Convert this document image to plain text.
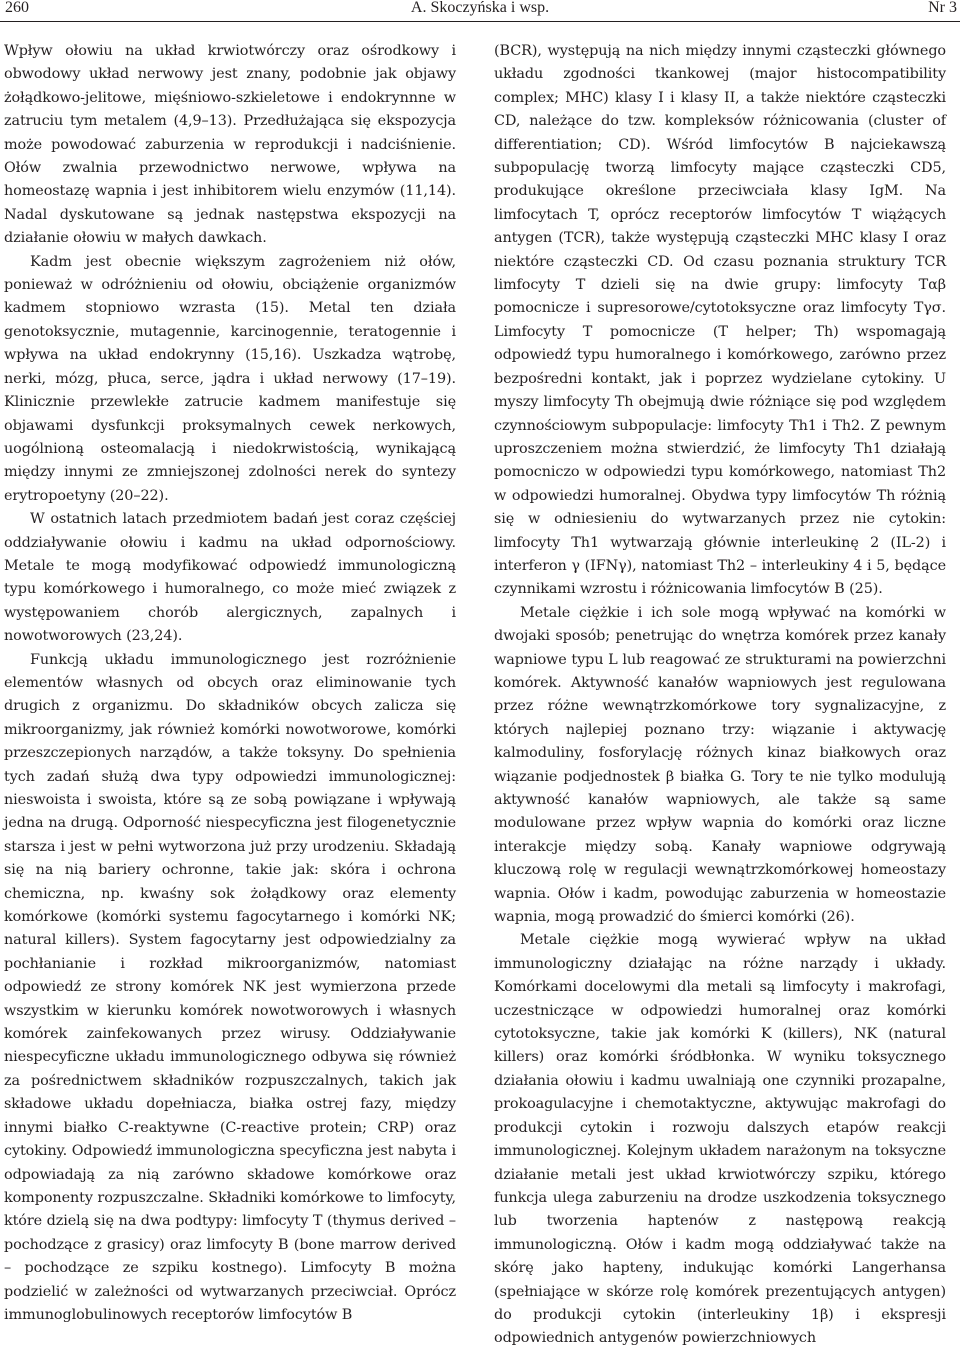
260	A. Skoczyńska i wsp.	Nr 3

Wpływ ołowiu na układ krwiotwórczy oraz ośrodkowy i obwodowy układ nerwowy jest znany, podobnie jak objawy żołądkowo-jelitowe, mięśniowo-szkieletowe i endokrynnne w zatruciu tym metalem (4,9–13). Przedłużająca się ekspozycja może powodować zaburzenia w reprodukcji i nadciśnienie. Ołów zwalnia przewodnictwo nerwowe, wpływa na homeostazę wapnia i jest inhibitorem wielu enzymów (11,14). Nadal dyskutowane są jednak następstwa ekspozycji na działanie ołowiu w małych dawkach.

Kadm jest obecnie większym zagrożeniem niż ołów, ponieważ w odróżnieniu od ołowiu, obciążenie organizmów kadmem stopniowo wzrasta (15). Metal ten działa genotoksycznie, mutagennie, karcinogennie, teratogennie i wpływa na układ endokrynny (15,16). Uszkadza wątrobę, nerki, mózg, płuca, serce, jądra i układ nerwowy (17–19). Klinicznie przewlekłe zatrucie kadmem manifestuje się objawami dysfunkcji proksymalnych cewek nerkowych, uogólnioną osteomalacją i niedokrwistością, wynikającą między innymi ze zmniejszonej zdolności nerek do syntezy erytropoetyny (20–22).

W ostatnich latach przedmiotem badań jest coraz częściej oddziaływanie ołowiu i kadmu na układ odpornościowy. Metale te mogą modyfikować odpowiedź immunologiczną typu komórkowego i humoralnego, co może mieć związek z występowaniem chorób alergicznych, zapalnych i nowotworowych (23,24).

Funkcją układu immunologicznego jest rozróżnienie elementów własnych od obcych oraz eliminowanie tych drugich z organizmu. Do składników obcych zalicza się mikroorganizmy, jak również komórki nowotworowe, komórki przeszczepionych narządów, a także toksyny. Do spełnienia tych zadań służą dwa typy odpowiedzi immunologicznej: nieswoista i swoista, które są ze sobą powiązane i wpływają jedna na drugą. Odporność niespecyficzna jest filogenetycznie starsza i jest w pełni wytworzona już przy urodzeniu. Składają się na nią bariery ochronne, takie jak: skóra i ochrona chemiczna, np. kwaśny sok żołądkowy oraz elementy komórkowe (komórki systemu fagocytarnego i komórki NK; natural killers). System fagocytarny jest odpowiedzialny za pochłanianie i rozkład mikroorganizmów, natomiast odpowiedź ze strony komórek NK jest wymierzona przede wszystkim w kierunku komórek nowotworowych i własnych komórek zainfekowanych przez wirusy. Oddziaływanie niespecyficzne układu immunologicznego odbywa się również za pośrednictwem składników rozpuszczalnych, takich jak składowe układu dopełniacza, białka ostrej fazy, między innymi białko C-reaktywne (C-reactive protein; CRP) oraz cytokiny. Odpowiedź immunologiczna specyficzna jest nabyta i odpowiadają za nią zarówno składowe komórkowe oraz komponenty rozpuszczalne. Składniki komórkowe to limfocyty, które dzielą się na dwa podtypy: limfocyty T (thymus derived – pochodzące z grasicy) oraz limfocyty B (bone marrow derived – pochodzące ze szpiku kostnego). Limfocyty B można podzielić w zależności od wytwarzanych przeciwciał. Oprócz immunoglobulinowych receptorów limfocytów B

(BCR), występują na nich między innymi cząsteczki głównego układu zgodności tkankowej (major histocompatibility complex; MHC) klasy I i klasy II, a także niektóre cząsteczki CD, należące do tzw. kompleksów różnicowania (cluster of differentiation; CD). Wśród limfocytów B najciekawszą subpopulację tworzą limfocyty mające cząsteczki CD5, produkujące określone przeciwciała klasy IgM. Na limfocytach T, oprócz receptorów limfocytów T wiążących antygen (TCR), także występują cząsteczki MHC klasy I oraz niektóre cząsteczki CD. Od czasu poznania struktury TCR limfocyty T dzieli się na dwie grupy: limfocyty Tαβ pomocnicze i supresorowe/cytotoksyczne oraz limfocyty Tγσ. Limfocyty T pomocnicze (T helper; Th) wspomagają odpowiedź typu humoralnego i komórkowego, zarówno przez bezpośredni kontakt, jak i poprzez wydzielane cytokiny. U myszy limfocyty Th obejmują dwie różniące się pod względem czynnościowym subpopulacje: limfocyty Th1 i Th2. Z pewnym uproszczeniem można stwierdzić, że limfocyty Th1 działają pomocniczo w odpowiedzi typu komórkowego, natomiast Th2 w odpowiedzi humoralnej. Obydwa typy limfocytów Th różnią się w odniesieniu do wytwarzanych przez nie cytokin: limfocyty Th1 wytwarzają głównie interleukinę 2 (IL-2) i interferon γ (IFNγ), natomiast Th2 – interleukiny 4 i 5, będące czynnikami wzrostu i różnicowania limfocytów B (25).

Metale ciężkie i ich sole mogą wpływać na komórki w dwojaki sposób; penetrując do wnętrza komórek przez kanały wapniowe typu L lub reagować ze strukturami na powierzchni komórek. Aktywność kanałów wapniowych jest regulowana przez różne wewnątrzkomórkowe tory sygnalizacyjne, z których najlepiej poznano trzy: wiązanie i aktywację kalmoduliny, fosforylację różnych kinaz białkowych oraz wiązanie podjednostek β białka G. Tory te nie tylko modulują aktywność kanałów wapniowych, ale także są same modulowane przez wpływ wapnia do komórki oraz liczne interakcje między sobą. Kanały wapniowe odgrywają kluczową rolę w regulacji wewnątrzkomórkowej homeostazy wapnia. Ołów i kadm, powodując zaburzenia w homeostazie wapnia, mogą prowadzić do śmierci komórki (26).

Metale ciężkie mogą wywierać wpływ na układ immunologiczny działając na różne narządy i układy. Komórkami docelowymi dla metali są limfocyty i makrofagi, uczestniczące w odpowiedzi humoralnej oraz komórki cytotoksyczne, takie jak komórki K (killers), NK (natural killers) oraz komórki śródbłonka. W wyniku toksycznego działania ołowiu i kadmu uwalniają one czynniki prozapalne, prokoagulacyjne i chemotaktyczne, aktywując makrofagi do produkcji cytokin i rozwoju dalszych etapów reakcji immunologicznej. Kolejnym układem narażonym na toksyczne działanie metali jest układ krwiotwórczy szpiku, którego funkcja ulega zaburzeniu na drodze uszkodzenia toksycznego lub tworzenia haptenów z następową reakcją immunologiczną. Ołów i kadm mogą oddziaływać także na skórę jako hapteny, indukując komórki Langerhansa (spełniające w skórze rolę komórek prezentujących antygen) do produkcji cytokin (interleukiny 1β) i ekspresji odpowiednich antygenów powierzchniowych
